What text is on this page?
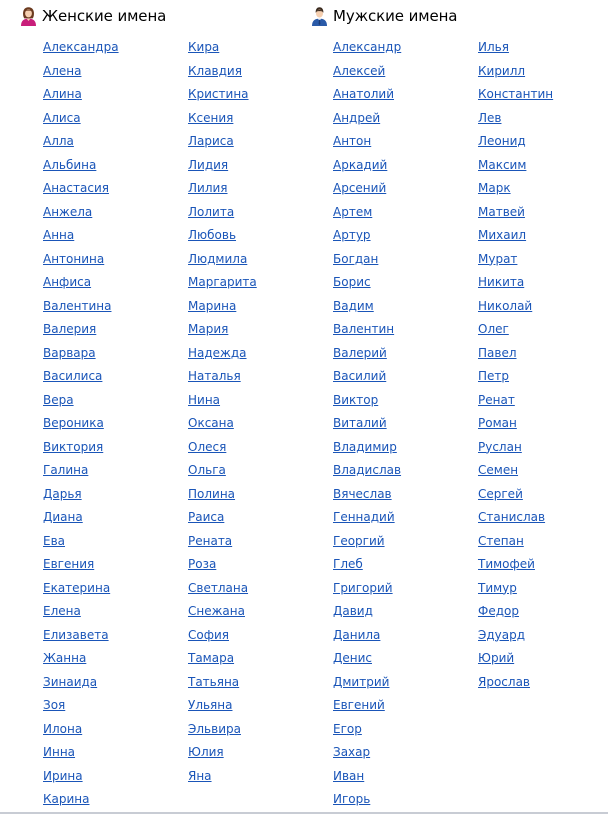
Женские имена
Александра
Алена
Алина
Алиса
Алла
Альбина
Анастасия
Анжела
Анна
Антонина
Анфиса
Валентина
Валерия
Варвара
Василиса
Вера
Вероника
Виктория
Галина
Дарья
Диана
Ева
Евгения
Екатерина
Елена
Елизавета
Жанна
Зинаида
Зоя
Илона
Инна
Ирина
Карина
Кира
Клавдия
Кристина
Ксения
Лариса
Лидия
Лилия
Лолита
Любовь
Людмила
Маргарита
Марина
Мария
Надежда
Наталья
Нина
Оксана
Олеся
Ольга
Полина
Раиса
Рената
Роза
Светлана
Снежана
София
Тамара
Татьяна
Ульяна
Эльвира
Юлия
Яна
Мужские имена
Александр
Алексей
Анатолий
Андрей
Антон
Аркадий
Арсений
Артем
Артур
Богдан
Борис
Вадим
Валентин
Валерий
Василий
Виктор
Виталий
Владимир
Владислав
Вячеслав
Геннадий
Георгий
Глеб
Григорий
Давид
Данила
Денис
Дмитрий
Евгений
Егор
Захар
Иван
Игорь
Илья
Кирилл
Константин
Лев
Леонид
Максим
Марк
Матвей
Михаил
Мурат
Никита
Николай
Олег
Павел
Петр
Ренат
Роман
Руслан
Семен
Сергей
Станислав
Степан
Тимофей
Тимур
Федор
Эдуард
Юрий
Ярослав
